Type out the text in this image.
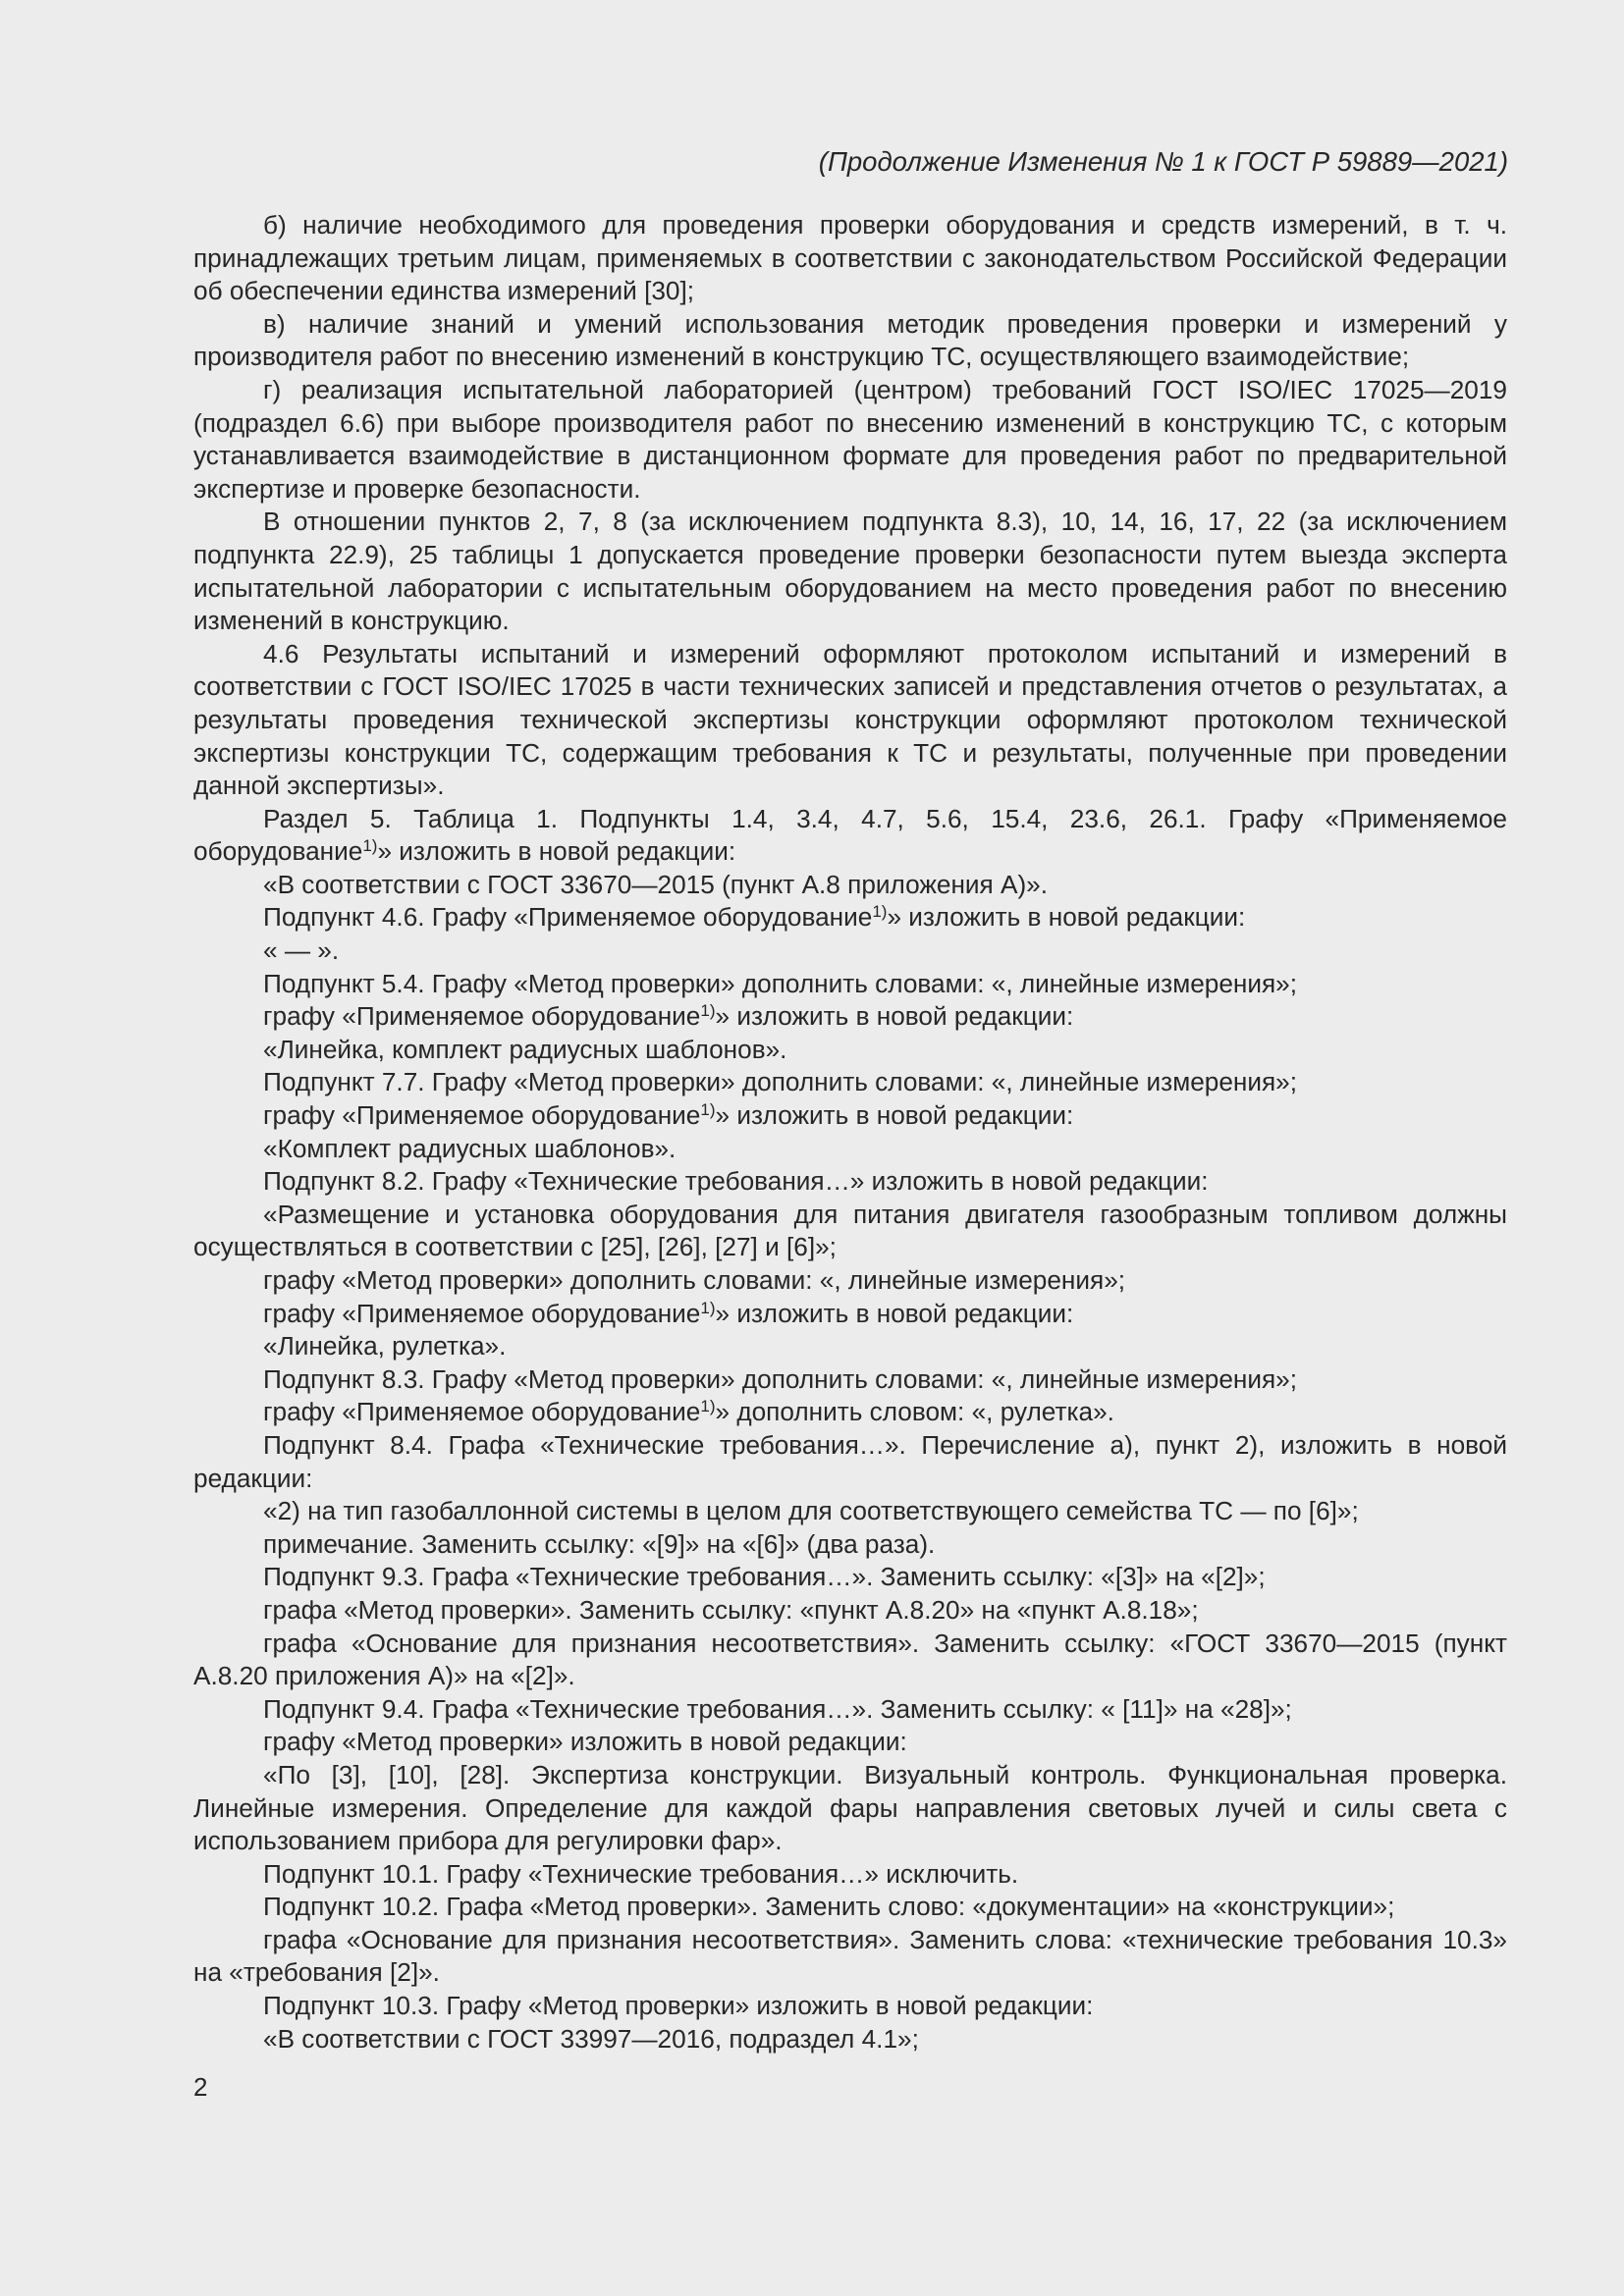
(Продолжение Изменения № 1 к ГОСТ Р 59889—2021)

б) наличие необходимого для проведения проверки оборудования и средств измерений, в т. ч. принадлежащих третьим лицам, применяемых в соответствии с законодательством Российской Федерации об обеспечении единства измерений [30];

в) наличие знаний и умений использования методик проведения проверки и измерений у производителя работ по внесению изменений в конструкцию ТС, осуществляющего взаимодействие;

г) реализация испытательной лабораторией (центром) требований ГОСТ ISO/IEC 17025—2019 (подраздел 6.6) при выборе производителя работ по внесению изменений в конструкцию ТС, с которым устанавливается взаимодействие в дистанционном формате для проведения работ по предварительной экспертизе и проверке безопасности.

В отношении пунктов 2, 7, 8 (за исключением подпункта 8.3), 10, 14, 16, 17, 22 (за исключением подпункта 22.9), 25 таблицы 1 допускается проведение проверки безопасности путем выезда эксперта испытательной лаборатории с испытательным оборудованием на место проведения работ по внесению изменений в конструкцию.

4.6 Результаты испытаний и измерений оформляют протоколом испытаний и измерений в соответствии с ГОСТ ISO/IEC 17025 в части технических записей и представления отчетов о результатах, а результаты проведения технической экспертизы конструкции оформляют протоколом технической экспертизы конструкции ТС, содержащим требования к ТС и результаты, полученные при проведении данной экспертизы».

Раздел 5. Таблица 1. Подпункты 1.4, 3.4, 4.7, 5.6, 15.4, 23.6, 26.1. Графу «Применяемое оборудование$^{1)}$» изложить в новой редакции:

«В соответствии с ГОСТ 33670—2015 (пункт А.8 приложения А)».

Подпункт 4.6. Графу «Применяемое оборудование$^{1)}$» изложить в новой редакции:

« — ».

Подпункт 5.4. Графу «Метод проверки» дополнить словами: «, линейные измерения»;

графу «Применяемое оборудование$^{1)}$» изложить в новой редакции:

«Линейка, комплект радиусных шаблонов».

Подпункт 7.7. Графу «Метод проверки» дополнить словами: «, линейные измерения»;

графу «Применяемое оборудование$^{1)}$» изложить в новой редакции:

«Комплект радиусных шаблонов».

Подпункт 8.2. Графу «Технические требования…» изложить в новой редакции:

«Размещение и установка оборудования для питания двигателя газообразным топливом должны осуществляться в соответствии с [25], [26], [27] и [6]»;

графу «Метод проверки» дополнить словами: «, линейные измерения»;

графу «Применяемое оборудование$^{1)}$» изложить в новой редакции:

«Линейка, рулетка».

Подпункт 8.3. Графу «Метод проверки» дополнить словами: «, линейные измерения»;

графу «Применяемое оборудование$^{1)}$» дополнить словом: «, рулетка».

Подпункт 8.4. Графа «Технические требования…». Перечисление а), пункт 2), изложить в новой редакции:

«2) на тип газобаллонной системы в целом для соответствующего семейства ТС — по [6]»;

примечание. Заменить ссылку: «[9]» на «[6]» (два раза).

Подпункт 9.3. Графа «Технические требования…». Заменить ссылку: «[3]» на «[2]»;

графа «Метод проверки». Заменить ссылку: «пункт А.8.20» на «пункт А.8.18»;

графа «Основание для признания несоответствия». Заменить ссылку: «ГОСТ 33670—2015 (пункт А.8.20 приложения А)» на «[2]».

Подпункт 9.4. Графа «Технические требования…». Заменить ссылку: « [11]» на «28]»;

графу «Метод проверки» изложить в новой редакции:

«По [3], [10], [28]. Экспертиза конструкции. Визуальный контроль. Функциональная проверка. Линейные измерения. Определение для каждой фары направления световых лучей и силы света с использованием прибора для регулировки фар».

Подпункт 10.1. Графу «Технические требования…» исключить.

Подпункт 10.2. Графа «Метод проверки». Заменить слово: «документации» на «конструкции»;

графа «Основание для признания несоответствия». Заменить слова: «технические требования 10.3» на «требования [2]».

Подпункт 10.3. Графу «Метод проверки» изложить в новой редакции:

«В соответствии с ГОСТ 33997—2016, подраздел 4.1»;

2
